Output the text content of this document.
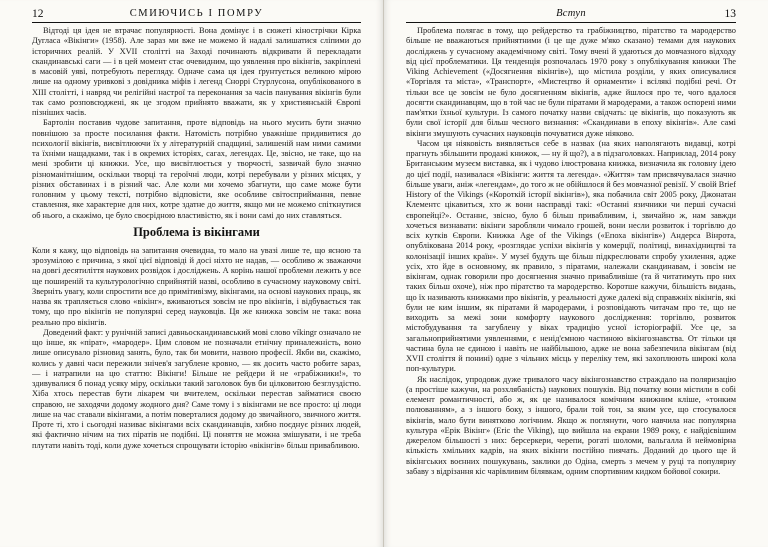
12	СМИЮЧИСЬ І ПОМРУ

Відтоді ця ідея не втрачає популярності. Вона домінує і в сюжеті кінострічки Кірка Дугласа «Вікінги» (1958). Але зараз ми вже не можемо й надалі залишатися сліпими до історичних реалій. У XVII столітті на Заході починають відкривати й перекладати скандинавські саги — і в цей момент стає очевидним, що уявлення про вікінгів, закріплені в масовій уяві, потребують перегляду. Одначе сама ця ідея ґрунтується великою мірою лише на одному уривкові з довідника міфів і легенд Сноррі Стурлусона, опублікованого в XIII столітті, і навряд чи релігійні настрої та переконання за часів панування вікінгів були так само розповсюджені, як це згодом прийнято вважати, як у християнській Європі пізніших часів.

Бартолін поставив чудове запитання, проте відповідь на нього мусить бути значно повнішою за просте посилання факти. Натомість потрібно уважніше придивитися до психології вікінгів, висвітлюючи їх у літературній спадщині, залишеній нам ними самими та їхніми нащадками, так і в окремих історіях, сагах, легендах. Це, звісно, не таке, що на мені зробити ці книжки. Усе, що висвітлюється у творчості, зазвичай було значно різноманітнішим, оскільки творці та героїчні люди, котрі перебували у різних місцях, у різних обставинах і в різний час. Але коли ми хочемо збагнути, що саме може бути головним у цьому тексті, потрібно відповісти, яке особливе світосприймання, певне ставлення, яке характерне для них, котре здатне до життя, якщо ми не можемо спіткнутися об нього, а скажімо, це було своєрідною властивістю, як і вони самі до них ставляться.

Проблема із вікінгами

Коли я кажу, що відповідь на запитання очевидна, то мало на увазі лише те, що ясною та зрозумілою є причина, з якої цієї відповіді й досі ніхто не надав, — особливо ж зважаючи на довгі десятиліття наукових розвідок і досліджень. А корінь нашої проблеми лежить у все ще поширеній та культурологічно сприйнятій назві, особливо в сучасному науковому світі. Зверніть увагу, коли спростити все до примітивізму, вікінгами, на основі наукових праць, як назва як трапляється слово «вікінг», вживаються зовсім не про вікінгів, і відбувається так тому, що про вікінгів не популярні серед науковців. Ця же книжка зовсім не така: вона реально про вікінгів.

Доведений факт: у рунічній записі давньоскандинавський мові слово víkingr означало не що інше, як «пірат», «мародер». Цим словом не позначали етнічну приналежність, воно лише описувало різновид занять, було, так би мовити, назвою професії. Якби ви, скажімо, колись у давні часи пережили знічев'я загублене кровно, — як досить часто робите зараз, — і натрапили на цю статтю: Вікінги! Більше не рейдери й не «грабіжники!», то здивувалися б понад усяку міру, оскільки такий заголовок був би цілковитою безглуздістю. Хіба хтось перестав бути лікарем чи вчителем, оскільки перестав займатися своєю справою, не заходячи додому жодного дня? Саме тому і з вікінгами не все просто: ці люди лише на час ставали вікінгами, а потім поверталися додому до звичайного, звичного життя. Проте ті, хто і сьогодні називає вікінгами всіх скандинавців, хибно поєднує різних людей, які фактично нічим на тих піратів не подібні. Ці поняття не можна змішувати, і не треба плутати навіть тоді, коли дуже хочеться спрощувати історію «вікінгів» більш привабливою.

Вступ	13

Проблема полягає в тому, що рейдерство та грабіжництво, піратство та мародерство більше не вважаються прийнятними (і це ще дуже м'яко сказано) темами для наукових досліджень у сучасному академічному світі. Тому вчені й удаються до мовчазного відходу від цієї проблематики. Ця тенденція розпочалась 1970 року з опублікування книжки The Viking Achievement («Досягнення вікінгів»), що містила розділи, у яких описувалися «Торгівля та міста», «Транспорт», «Мистецтво й орнаменти» і всілякі подібні речі. От тільки все це зовсім не було досягненням вікінгів, адже йшлося про те, чого вдалося досягти скандинавцям, що в той час не були піратами й мародерами, а також оспорені ними пам'ятки їхньої культури. Із самого початку назви свідчать: це вікінгів, що показують як були свої історії для більш чесного визнання: «Скандинави в епоху вікінгів». Але самі вікінги змушують сучасних науковців почуватися дуже ніяково.

Часом ця ніяковість виявляється себе в назвах (на яких наполягають видавці, котрі прагнуть збільшити продажі книжок, — ну й що?), а в підзаголовках. Наприклад, 2014 року Британським музеєм виставка, як і чудово ілюстрована книжка, визначила як головну ідею до цієї події, називалася «Вікінги: життя та легенда». «Життя» там присвячувалася значно більше уваги, аніж «легендам», до того ж не обійшлося й без мовчазної ревізії. У своїй Brief History of the Vikings («Короткій історії вікінгів»), яка побачила світ 2005 року, Джонатан Клементс цікавиться, хто ж вони насправді такі: «Останні язичники чи перші сучасні європейці?». Останнє, звісно, було б більш привабливим, і, звичайно ж, нам завжди хочеться визнавати: вікінги заробляли чимало грошей, вони несли розвиток і торгівлю до всіх кутків Європи. Книжка Age of the Vikings («Епоха вікінгів») Андерса Вінрота, опублікована 2014 року, «розглядає успіхи вікінгів у комерції, політиці, винахідництві та колонізації інших країн». У музеї будуть ще більш підкреслювати спробу ухилення, адже усіх, хто йде в основному, як правило, з піратами, належали скандинавам, і зовсім не вікінгам, однак говорили про досягнення значно привабливіше (та й читатимуть про них таких більш охоче), ніж про піратство та мародерство. Коротше кажучи, більшість видань, що їх називають книжками про вікінгів, у реальності дуже далекі від справжніх вікінгів, які були не ким іншим, як піратами й мародерами, і розповідають читачам про те, що не виходить за межі зони комфорту наукового дослідження: торгівлю, розвиток містобудування та загублену у віках традицію усної історіографії. Усе це, за загальноприйнятими уявленнями, є ненід'ємною частиною вікінгознавства. От тільки ця частина була не єдиною і навіть не найбільшою, адже не вона забезпечила вікінгам (від XVII століття й понині) одне з чільних місць у переліку тем, які захоплюють широкі кола поп-культури.

Як наслідок, упродовж дуже тривалого часу вікінгознавство страждало на поляризацію (а простіше кажучи, на розхлябаність) наукових пошуків. Від початку вони містили в собі елемент романтичності, або ж, як це називалося комічним книжним кліше, «тонким полюванням», а з іншого боку, з іншого, брали той тон, за яким усе, що стосувалося вікінгів, мало бути винятково логічним. Якщо ж поглянути, чого навчила нас популярна культура «Ерік Вікінг» (Eric the Viking), що вийшла на екрани 1989 року, є найдієвішим джерелом більшості з них: берсеркери, черепи, рогаті шоломи, вальгалла й неймовірна кількість хмільних кадрів, на яких вікінги постійно пиячать. Доданий до цього ще й вікінгських воєнних пошукувань, заклики до Одіна, смерть з мечем у руці та популярну забаву з відрізання кіс чарівливим білявкам, одним спортивним кидком бойової сокири.
